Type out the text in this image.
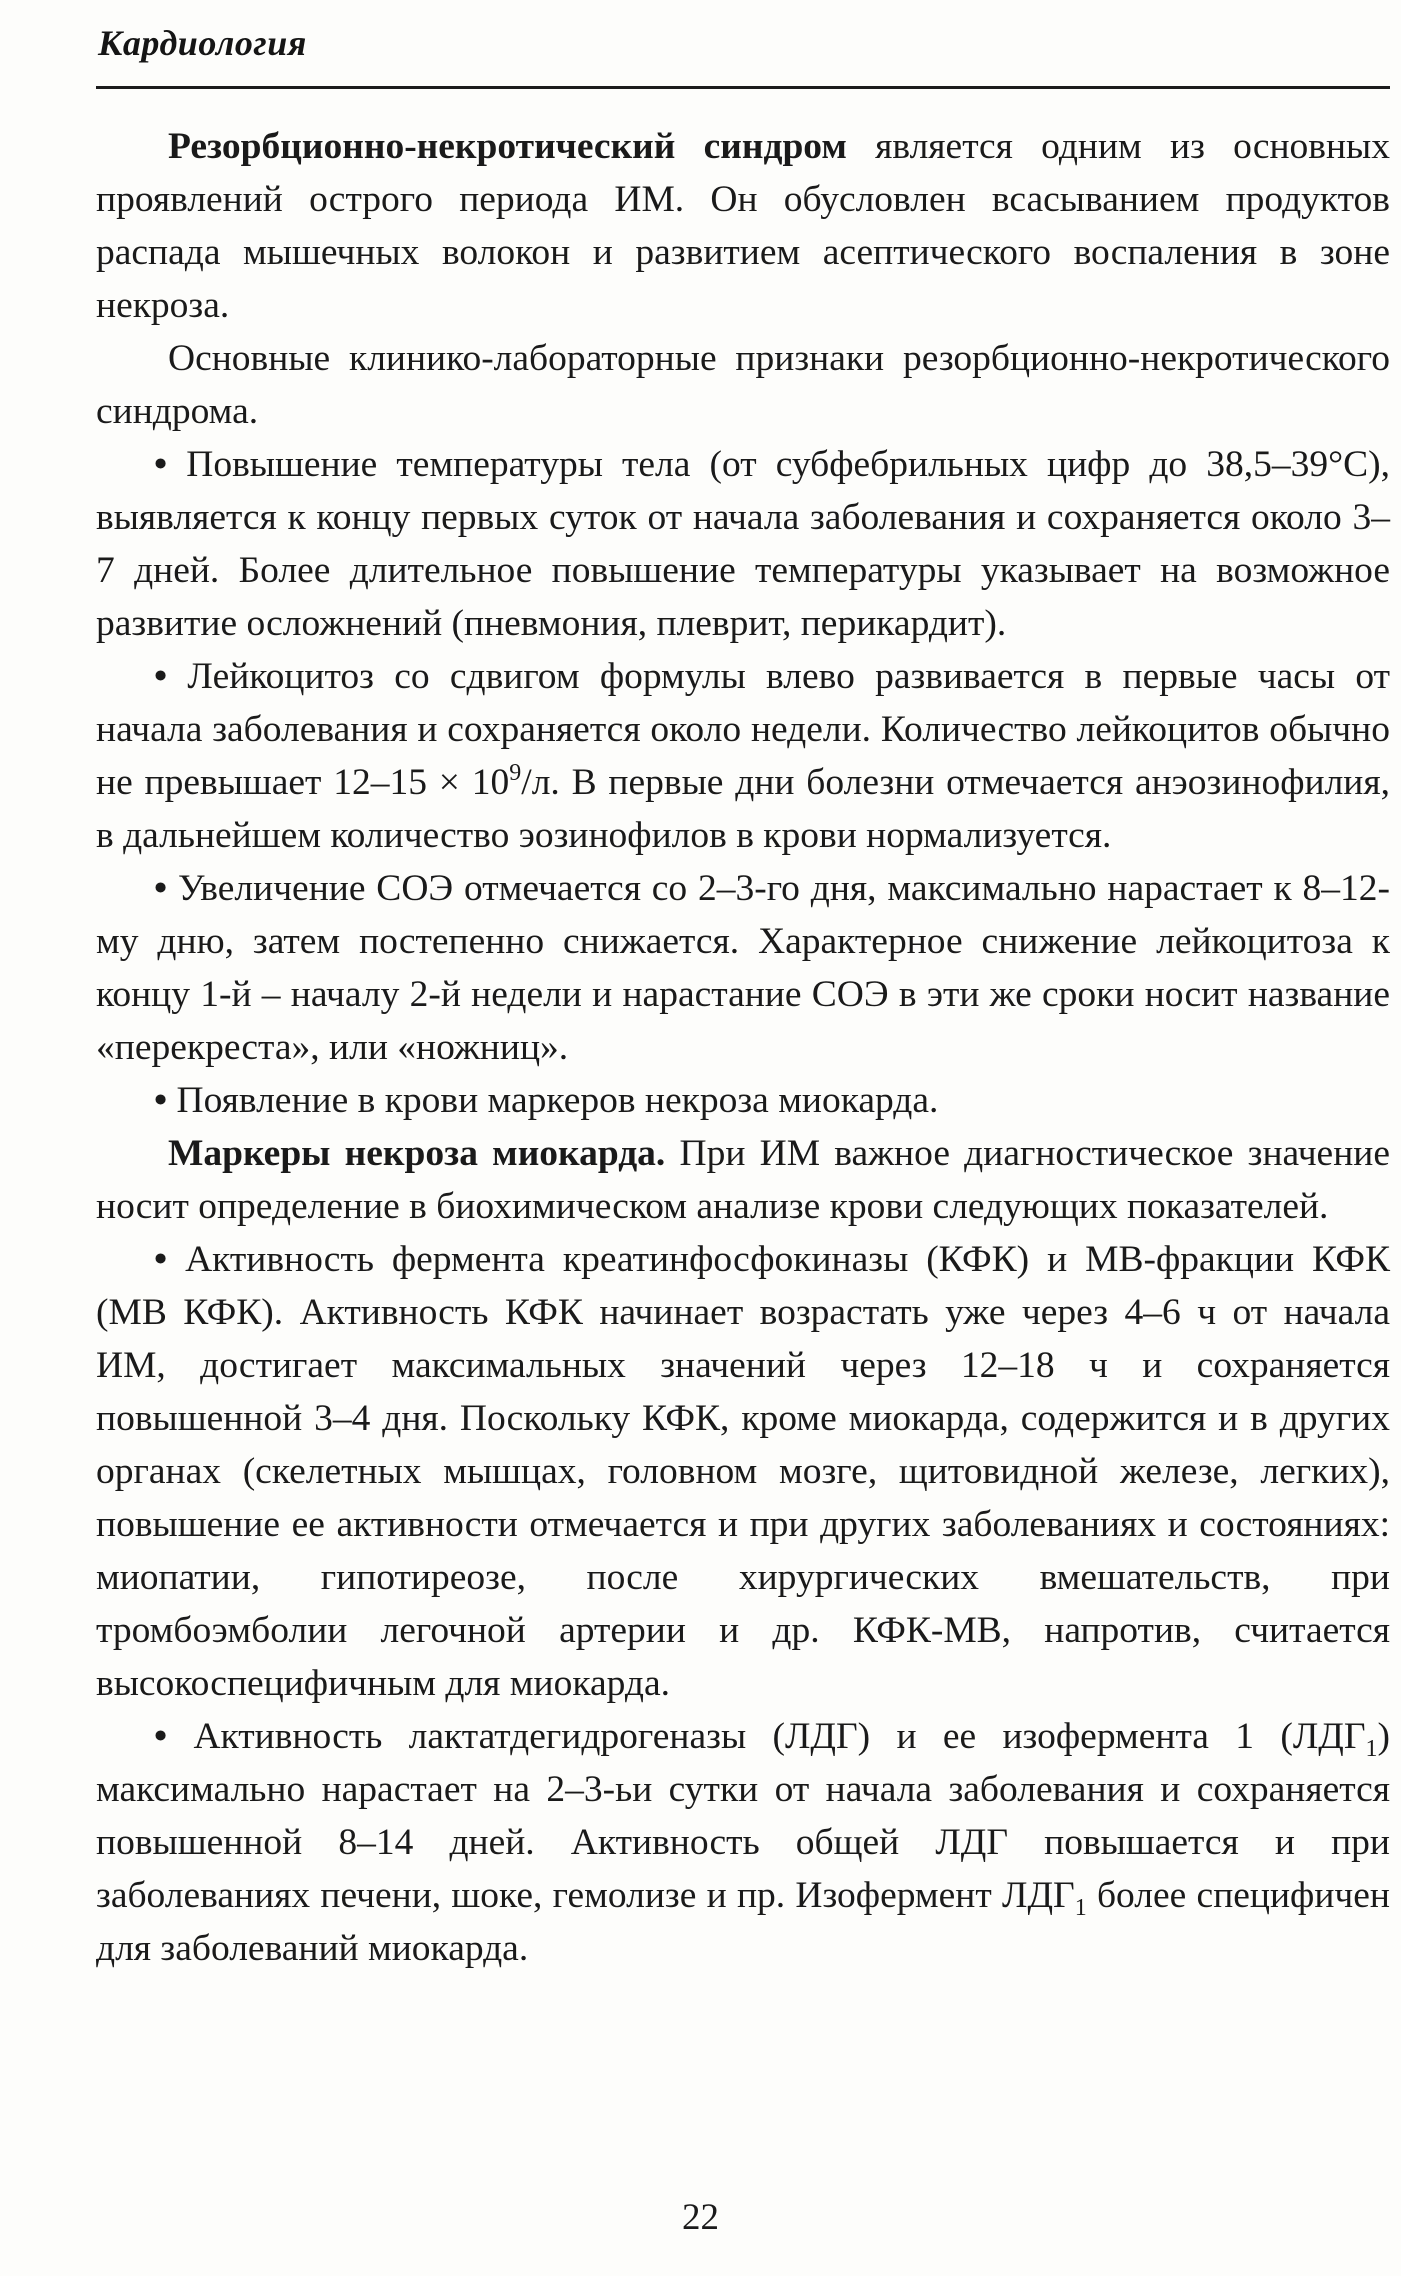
Кардиология

Резорбционно-некротический синдром является одним из основных проявлений острого периода ИМ. Он обусловлен всасыванием продуктов распада мышечных волокон и развитием асептического воспаления в зоне некроза.

Основные клинико-лабораторные признаки резорбционно-некротического синдрома.

• Повышение температуры тела (от субфебрильных цифр до 38,5–39°С), выявляется к концу первых суток от начала заболевания и сохраняется около 3–7 дней. Более длительное повышение температуры указывает на возможное развитие осложнений (пневмония, плеврит, перикардит).

• Лейкоцитоз со сдвигом формулы влево развивается в первые часы от начала заболевания и сохраняется около недели. Количество лейкоцитов обычно не превышает $12-15 \times 10^9/л$. В первые дни болезни отмечается анэозинофилия, в дальнейшем количество эозинофилов в крови нормализуется.

• Увеличение СОЭ отмечается со 2–3-го дня, максимально нарастает к 8–12-му дню, затем постепенно снижается. Характерное снижение лейкоцитоза к концу 1-й – началу 2-й недели и нарастание СОЭ в эти же сроки носит название «перекреста», или «ножниц».

• Появление в крови маркеров некроза миокарда.

Маркеры некроза миокарда. При ИМ важное диагностическое значение носит определение в биохимическом анализе крови следующих показателей.

• Активность фермента креатинфосфокиназы (КФК) и МВ-фракции КФК (МВ КФК). Активность КФК начинает возрастать уже через 4–6 ч от начала ИМ, достигает максимальных значений через 12–18 ч и сохраняется повышенной 3–4 дня. Поскольку КФК, кроме миокарда, содержится и в других органах (скелетных мышцах, головном мозге, щитовидной железе, легких), повышение ее активности отмечается и при других заболеваниях и состояниях: миопатии, гипотиреозе, после хирургических вмешательств, при тромбоэмболии легочной артерии и др. КФК-МВ, напротив, считается высокоспецифичным для миокарда.

• Активность лактатдегидрогеназы (ЛДГ) и ее изофермента 1 $(ЛДГ_1)$ максимально нарастает на 2–3-ьи сутки от начала заболевания и сохраняется повышенной 8–14 дней. Активность общей ЛДГ повышается и при заболеваниях печени, шоке, гемолизе и пр. Изофермент $ЛДГ_1$ более специфичен для заболеваний миокарда.

22
